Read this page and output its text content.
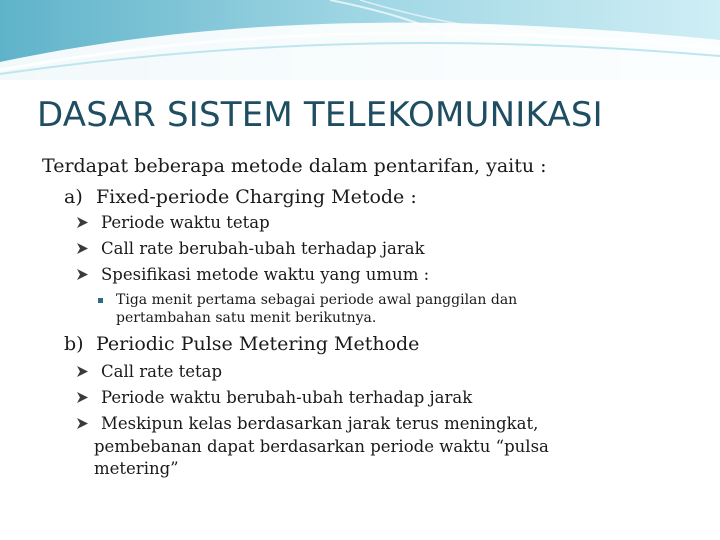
DASAR SISTEM TELEKOMUNIKASI
Terdapat beberapa metode dalam pentarifan, yaitu :
a) Fixed-periode Charging Metode :
Periode waktu tetap
Call rate berubah-ubah terhadap jarak
Spesifikasi metode waktu yang umum :
Tiga menit pertama sebagai periode awal panggilan dan
pertambahan satu menit berikutnya.
b) Periodic Pulse Metering Methode
Call rate tetap
Periode waktu berubah-ubah terhadap jarak
Meskipun kelas berdasarkan jarak terus meningkat,
pembebanan dapat berdasarkan periode waktu “pulsa
metering”
